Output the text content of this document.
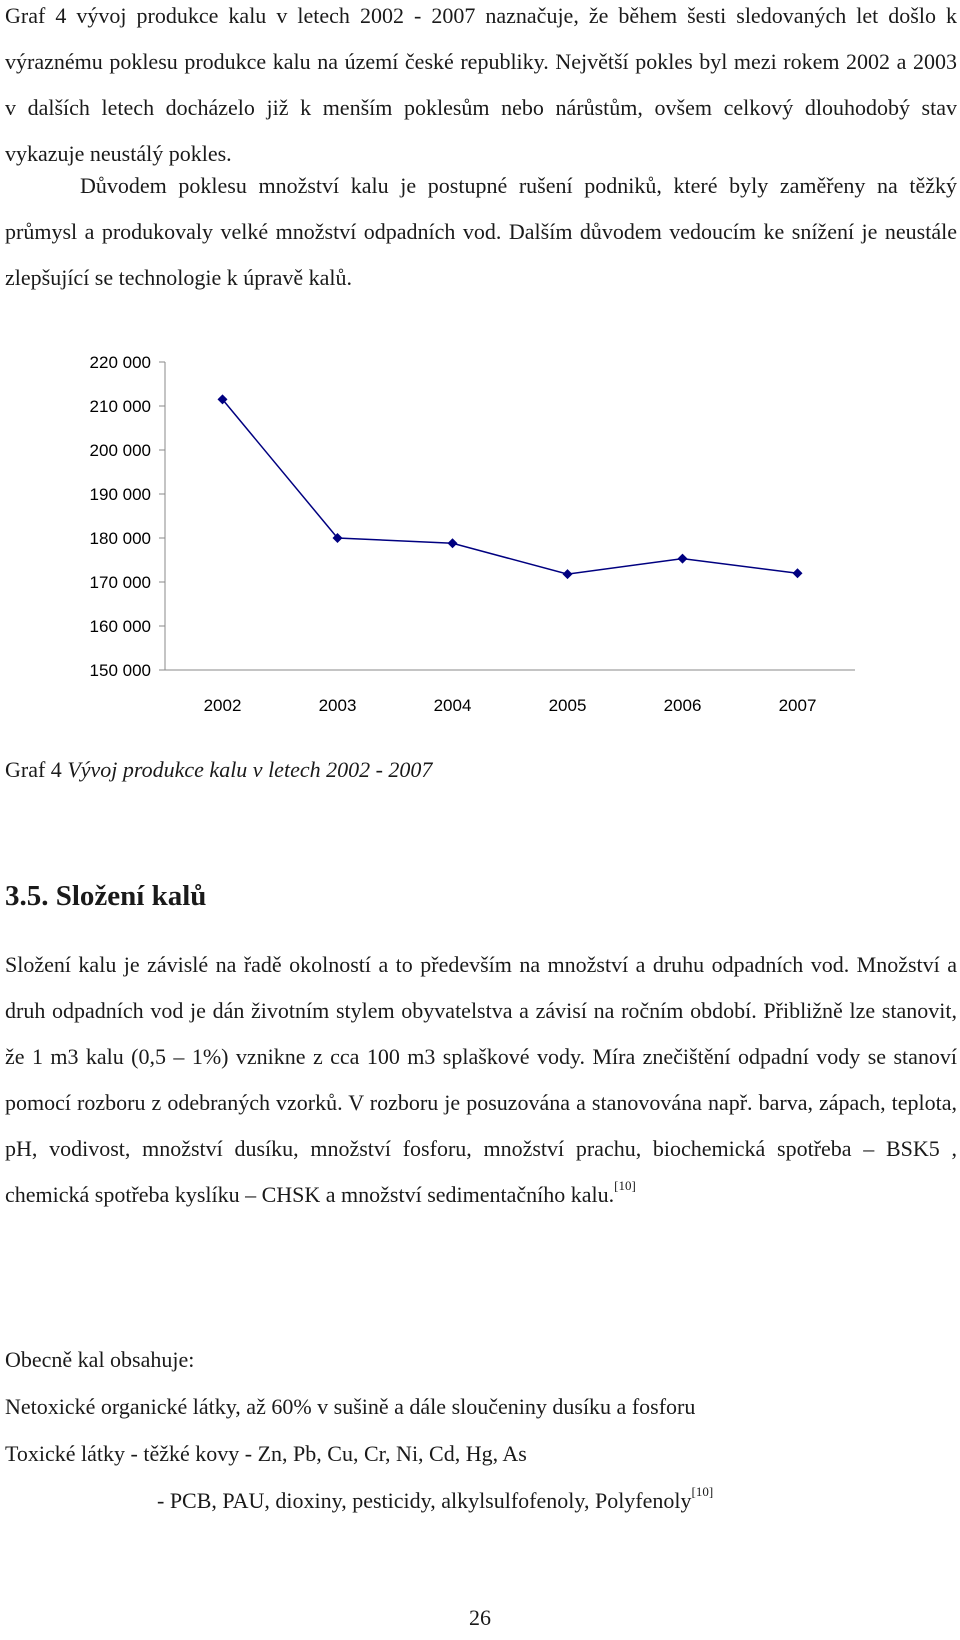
Graf 4 vývoj produkce kalu v letech 2002 - 2007 naznačuje, že během šesti sledovaných let došlo k výraznému poklesu produkce kalu na území české republiky. Největší pokles byl mezi rokem 2002 a 2003 v dalších letech docházelo již k menším poklesům nebo nárůstům, ovšem celkový dlouhodobý stav vykazuje neustálý pokles.

Důvodem poklesu množství kalu je postupné rušení podniků, které byly zaměřeny na těžký průmysl a produkovaly velké množství odpadních vod. Dalším důvodem vedoucím ke snížení je neustále zlepšující se technologie k úpravě kalů.

220 000
210 000
200 000
190 000
180 000
170 000
160 000
150 000
2002	2003	2004	2005	2006	2007

Graf 4 Vývoj produkce kalu v letech 2002 - 2007

3.5. Složení kalů

Složení kalu je závislé na řadě okolností a to především na množství a druhu odpadních vod. Množství a druh odpadních vod je dán životním stylem obyvatelstva a závisí na ročním období. Přibližně lze stanovit, že 1 m3 kalu (0,5 – 1%) vznikne z cca 100 m3 splaškové vody. Míra znečištění odpadní vody se stanoví pomocí rozboru z odebraných vzorků. V rozboru je posuzována a stanovována např. barva, zápach, teplota, pH, vodivost, množství dusíku, množství fosforu, množství prachu, biochemická spotřeba – BSK5 , chemická spotřeba kyslíku – CHSK a množství sedimentačního kalu.[10]

Obecně kal obsahuje:

Netoxické organické látky, až 60% v sušině a dále sloučeniny dusíku a fosforu

Toxické látky - těžké kovy - Zn, Pb, Cu, Cr, Ni, Cd, Hg, As

- PCB, PAU, dioxiny, pesticidy, alkylsulfofenoly, Polyfenoly[10]

26
